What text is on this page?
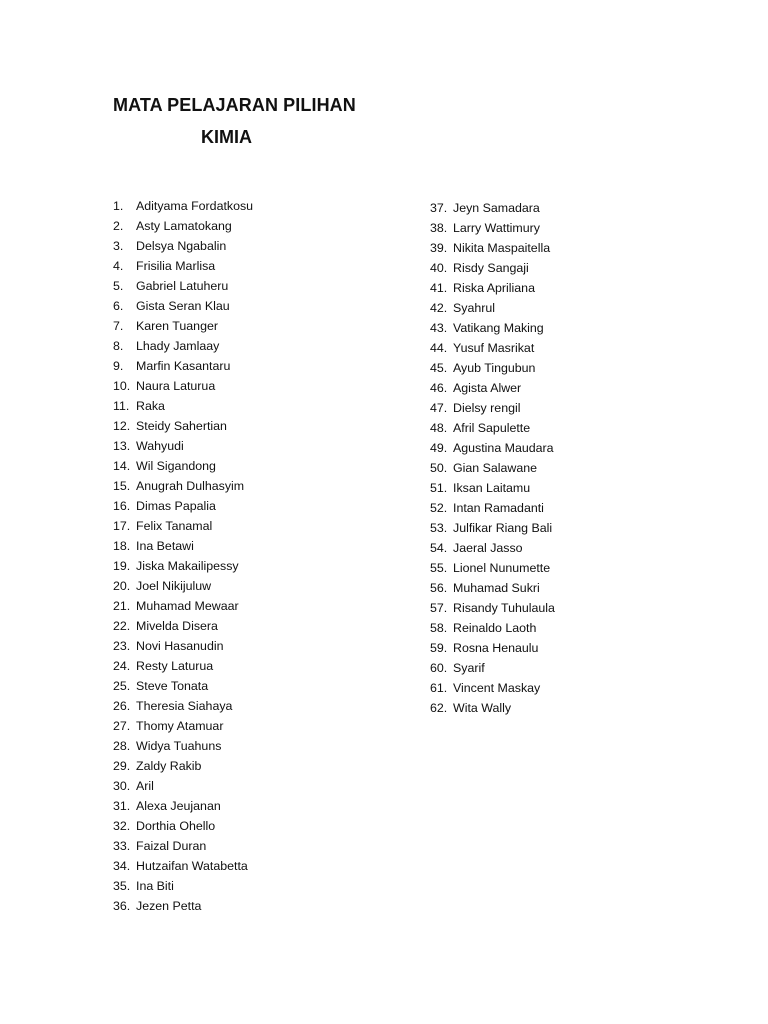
MATA PELAJARAN PILIHAN
KIMIA
1. Adityama Fordatkosu
2. Asty Lamatokang
3. Delsya Ngabalin
4. Frisilia Marlisa
5. Gabriel Latuheru
6. Gista Seran Klau
7. Karen Tuanger
8. Lhady Jamlaay
9. Marfin Kasantaru
10. Naura Laturua
11. Raka
12. Steidy Sahertian
13. Wahyudi
14. Wil Sigandong
15. Anugrah Dulhasyim
16. Dimas Papalia
17. Felix Tanamal
18. Ina Betawi
19. Jiska Makailipessy
20. Joel Nikijuluw
21. Muhamad Mewaar
22. Mivelda Disera
23. Novi Hasanudin
24. Resty Laturua
25. Steve Tonata
26. Theresia Siahaya
27. Thomy Atamuar
28. Widya Tuahuns
29. Zaldy Rakib
30. Aril
31. Alexa Jeujanan
32. Dorthia Ohello
33. Faizal Duran
34. Hutzaifan Watabetta
35. Ina Biti
36. Jezen Petta
37. Jeyn Samadara
38. Larry Wattimury
39. Nikita Maspaitella
40. Risdy Sangaji
41. Riska Apriliana
42. Syahrul
43. Vatikang Making
44. Yusuf Masrikat
45. Ayub Tingubun
46. Agista Alwer
47. Dielsy rengil
48. Afril Sapulette
49. Agustina Maudara
50. Gian Salawane
51. Iksan Laitamu
52. Intan Ramadanti
53. Julfikar Riang Bali
54. Jaeral Jasso
55. Lionel Nunumette
56. Muhamad Sukri
57. Risandy Tuhulaula
58. Reinaldo Laoth
59. Rosna Henaulu
60. Syarif
61. Vincent Maskay
62. Wita Wally
